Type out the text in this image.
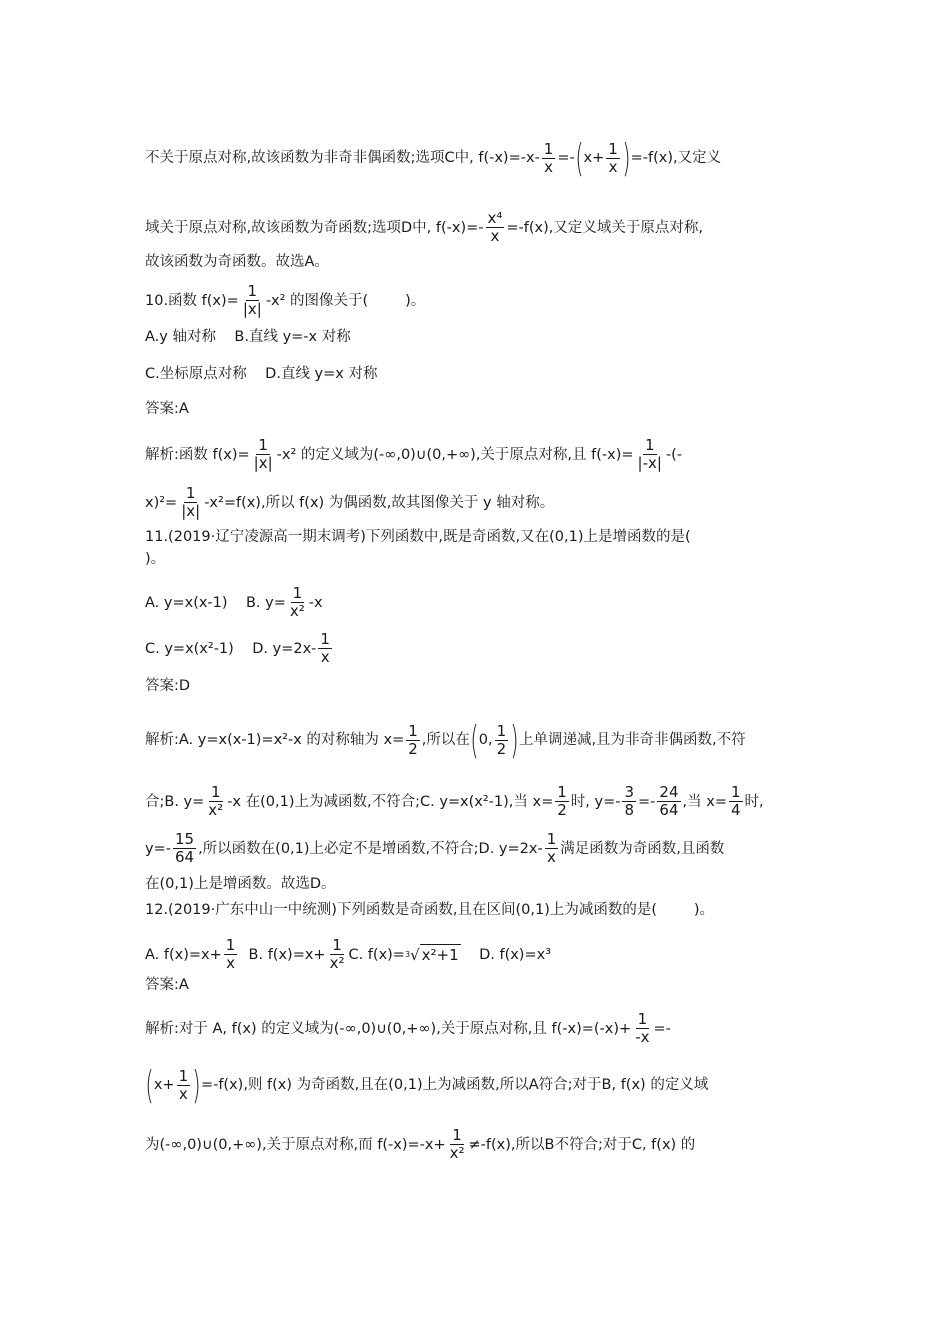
不关于原点对称,故该函数为非奇非偶函数;选项C中, $f(-x)=-x- \frac{1}{x}$ =- ( $x+ \frac{1}{x}$ ) =-f(x),又定义
域关于原点对称,故该函数为奇函数;选项D中, $f(-x)=- \frac{\text{x⁴}}{x} =-f(x)$,又定义域关于原点对称,
故该函数为奇函数。故选A。
10.函数 $f(x)= \frac{1}{|x|} -x^2$ 的图像关于(        )。
A.y 轴对称    B.直线 y=-x 对称
C.坐标原点对称    D.直线 y=x 对称
答案:A
解析:函数 $f(x)= \frac{1}{|x|} -x^2$ 的定义域为(-∞,0)∪(0,+∞),关于原点对称,且 $f(-x)= \frac{1}{|-x|}$ -(-
$x)^2= \frac{1}{|x|} -x^2=f(x)$,所以 f(x) 为偶函数,故其图像关于 y 轴对称。
11.(2019·辽宁凌源高一期末调考)下列函数中,既是奇函数,又在(0,1)上是增函数的是(
)。
A. y=x(x-1)    B. $y= \frac{1}{\text{x²}} -x$
C. y=x(x²-1)    D. $y=2x- \frac{1}{x}$
答案:D
解析:A. y=x(x-1)=x²-x 的对称轴为 $x= \frac{1}{2}$ ,所以在 ( 0, $\frac{1}{2}$ ) 上单调递减,且为非奇非偶函数,不符
合;B. $y= \frac{1}{\text{x²}} -x$ 在(0,1)上为减函数,不符合;C. y=x(x²-1),当 $x= \frac{1}{2}$ 时, $y=- \frac{3}{8} =- \frac{24}{64}$ ,当 $x= \frac{1}{4}$ 时,
$y=- \frac{15}{64}$ ,所以函数在(0,1)上必定不是增函数,不符合;D. $y=2x- \frac{1}{x}$ 满足函数为奇函数,且函数
在(0,1)上是增函数。故选D。
12.(2019·广东中山一中统测)下列函数是奇函数,且在区间(0,1)上为减函数的是(        )。
A. $f(x)=x+ \frac{1}{x} B$. $f(x)=x+ \frac{1}{\text{x²}} C$. f(x)= 3 √ x²+1 D. f(x)=x³
答案:A
解析:对于 A, f(x) 的定义域为(-∞,0)∪(0,+∞),关于原点对称,且 $f(-x)=(-x)+ \frac{1}{-x}$ =-
( $x+ \frac{1}{x}$ ) =-f(x),则 f(x) 为奇函数,且在(0,1)上为减函数,所以A符合;对于B, f(x) 的定义域
为(-∞,0)∪(0,+∞),关于原点对称,而 $f(-x)=-x+ \frac{1}{\text{x²}} \ne-f(x)$,所以B不符合;对于C, f(x) 的
